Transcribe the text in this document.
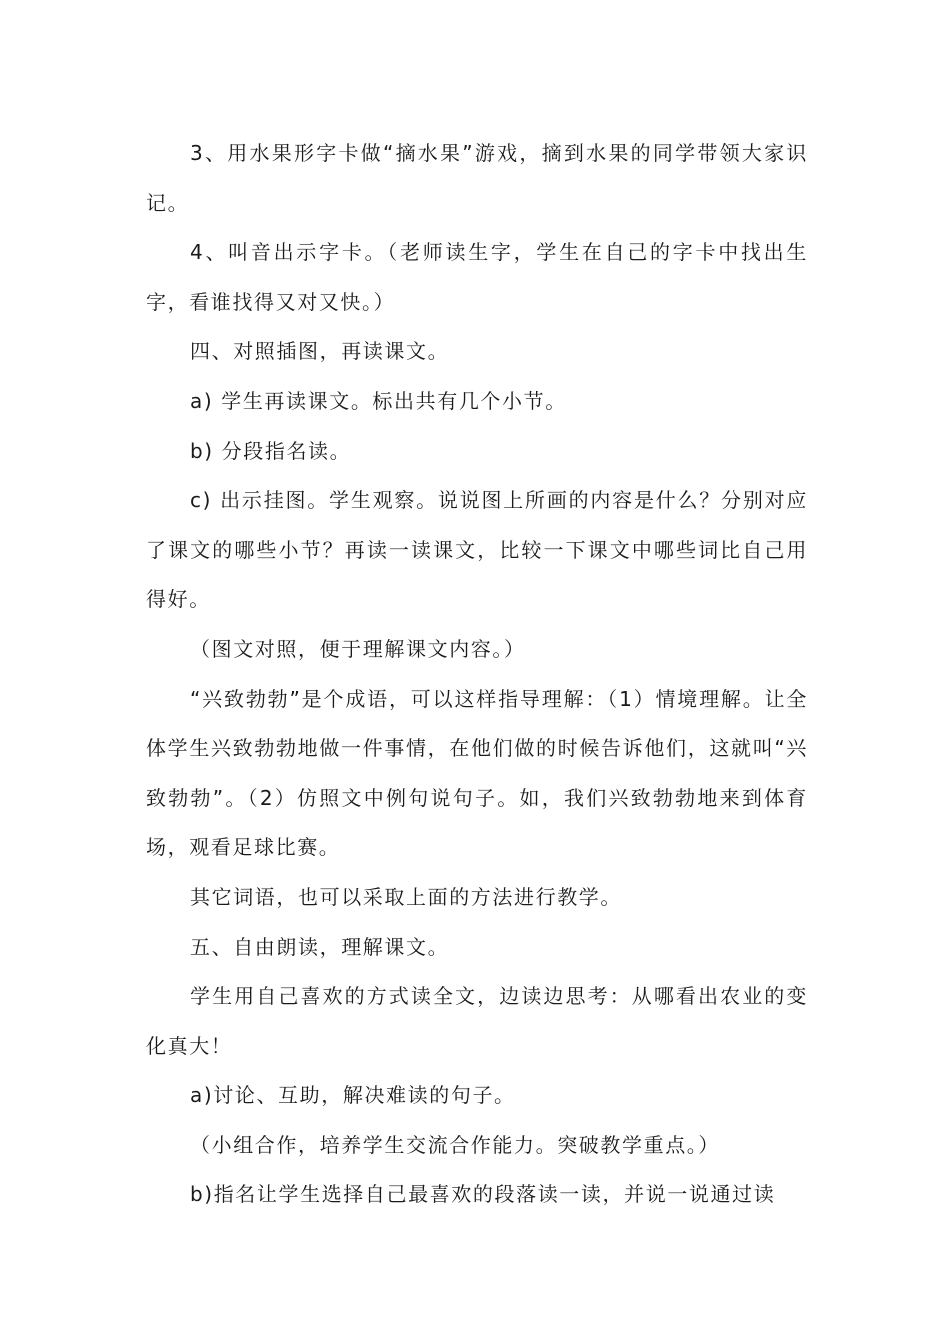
3、用水果形字卡做“摘水果”游戏，摘到水果的同学带领大家识记。

4、叫音出示字卡。（老师读生字，学生在自己的字卡中找出生字，看谁找得又对又快。）

四、对照插图，再读课文。

a) 学生再读课文。标出共有几个小节。

b) 分段指名读。

c) 出示挂图。学生观察。说说图上所画的内容是什么？分别对应了课文的哪些小节？再读一读课文，比较一下课文中哪些词比自己用得好。

（图文对照，便于理解课文内容。）

“兴致勃勃”是个成语，可以这样指导理解：（1）情境理解。让全体学生兴致勃勃地做一件事情，在他们做的时候告诉他们，这就叫“兴致勃勃”。（2）仿照文中例句说句子。如，我们兴致勃勃地来到体育场，观看足球比赛。

其它词语，也可以采取上面的方法进行教学。

五、自由朗读，理解课文。

学生用自己喜欢的方式读全文，边读边思考：从哪看出农业的变化真大！

a)讨论、互助，解决难读的句子。

（小组合作，培养学生交流合作能力。突破教学重点。）

b)指名让学生选择自己最喜欢的段落读一读，并说一说通过读
